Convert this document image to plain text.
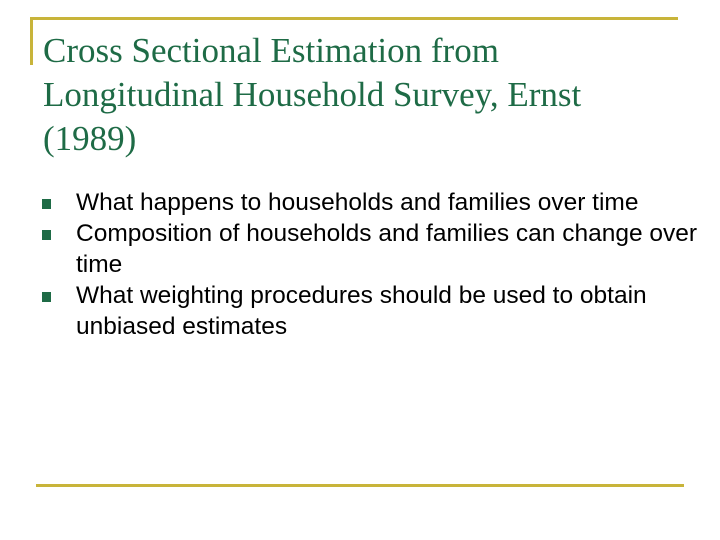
Cross Sectional Estimation from Longitudinal Household Survey, Ernst (1989)
What happens to households and families over time
Composition of households and families can change over time
What weighting procedures should be used to obtain unbiased estimates
